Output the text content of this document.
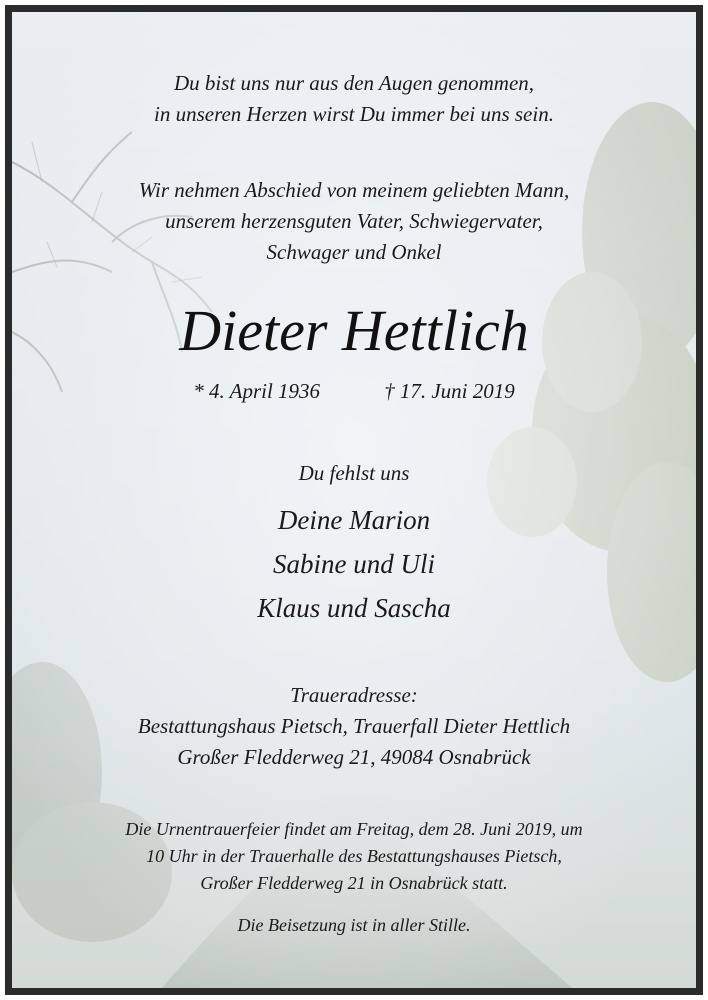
Du bist uns nur aus den Augen genommen,
in unseren Herzen wirst Du immer bei uns sein.
Wir nehmen Abschied von meinem geliebten Mann,
unserem herzensguten Vater, Schwiegervater,
Schwager und Onkel
Dieter Hettlich
* 4. April 1936	† 17. Juni 2019
Du fehlst uns
Deine Marion
Sabine und Uli
Klaus und Sascha
Traueradresse:
Bestattungshaus Pietsch, Trauerfall Dieter Hettlich
Großer Fledderweg 21, 49084 Osnabrück
Die Urnentrauerfeier findet am Freitag, dem 28. Juni 2019, um
10 Uhr in der Trauerhalle des Bestattungshauses Pietsch,
Großer Fledderweg 21 in Osnabrück statt.
Die Beisetzung ist in aller Stille.
